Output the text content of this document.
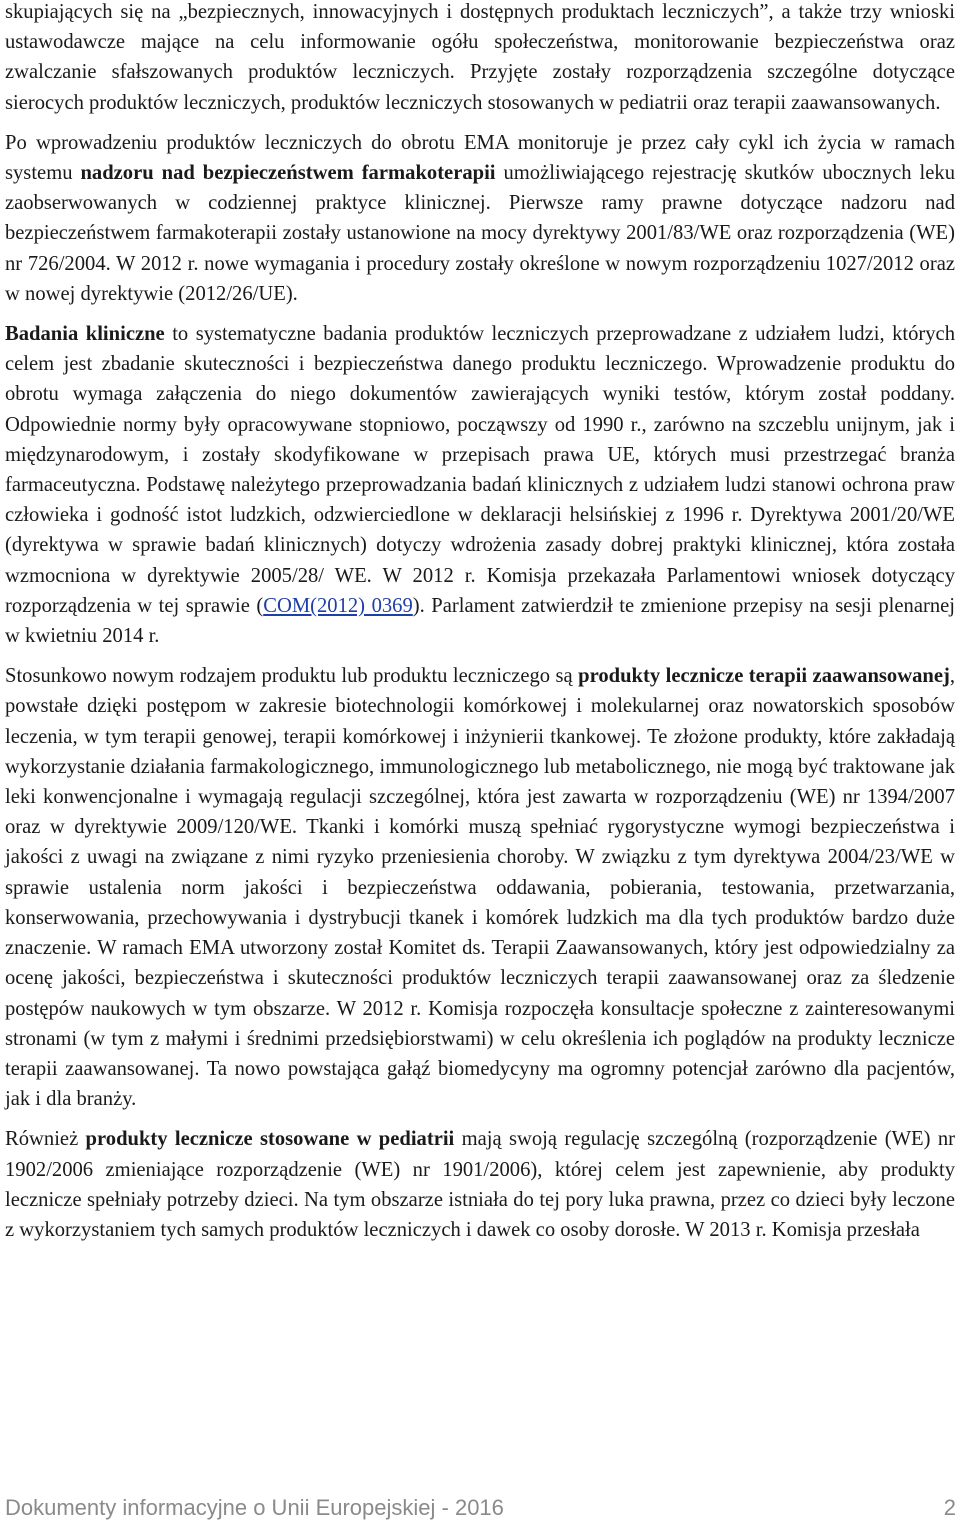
skupiających się na „bezpiecznych, innowacyjnych i dostępnych produktach leczniczych”, a także trzy wnioski ustawodawcze mające na celu informowanie ogółu społeczeństwa, monitorowanie bezpieczeństwa oraz zwalczanie sfałszowanych produktów leczniczych. Przyjęte zostały rozporządzenia szczególne dotyczące sierocych produktów leczniczych, produktów leczniczych stosowanych w pediatrii oraz terapii zaawansowanych.

Po wprowadzeniu produktów leczniczych do obrotu EMA monitoruje je przez cały cykl ich życia w ramach systemu nadzoru nad bezpieczeństwem farmakoterapii umożliwiającego rejestrację skutków ubocznych leku zaobserwowanych w codziennej praktyce klinicznej. Pierwsze ramy prawne dotyczące nadzoru nad bezpieczeństwem farmakoterapii zostały ustanowione na mocy dyrektywy 2001/83/WE oraz rozporządzenia (WE) nr 726/2004. W 2012 r. nowe wymagania i procedury zostały określone w nowym rozporządzeniu 1027/2012 oraz w nowej dyrektywie (2012/26/UE).

Badania kliniczne to systematyczne badania produktów leczniczych przeprowadzane z udziałem ludzi, których celem jest zbadanie skuteczności i bezpieczeństwa danego produktu leczniczego. Wprowadzenie produktu do obrotu wymaga załączenia do niego dokumentów zawierających wyniki testów, którym został poddany. Odpowiednie normy były opracowywane stopniowo, począwszy od 1990 r., zarówno na szczeblu unijnym, jak i międzynarodowym, i zostały skodyfikowane w przepisach prawa UE, których musi przestrzegać branża farmaceutyczna. Podstawę należytego przeprowadzania badań klinicznych z udziałem ludzi stanowi ochrona praw człowieka i godność istot ludzkich, odzwierciedlone w deklaracji helsińskiej z 1996 r. Dyrektywa 2001/20/WE (dyrektywa w sprawie badań klinicznych) dotyczy wdrożenia zasady dobrej praktyki klinicznej, która została wzmocniona w dyrektywie 2005/28/ WE. W 2012 r. Komisja przekazała Parlamentowi wniosek dotyczący rozporządzenia w tej sprawie (COM(2012) 0369). Parlament zatwierdził te zmienione przepisy na sesji plenarnej w kwietniu 2014 r.

Stosunkowo nowym rodzajem produktu lub produktu leczniczego są produkty lecznicze terapii zaawansowanej, powstałe dzięki postępom w zakresie biotechnologii komórkowej i molekularnej oraz nowatorskich sposobów leczenia, w tym terapii genowej, terapii komórkowej i inżynierii tkankowej. Te złożone produkty, które zakładają wykorzystanie działania farmakologicznego, immunologicznego lub metabolicznego, nie mogą być traktowane jak leki konwencjonalne i wymagają regulacji szczególnej, która jest zawarta w rozporządzeniu (WE) nr 1394/2007 oraz w dyrektywie 2009/120/WE. Tkanki i komórki muszą spełniać rygorystyczne wymogi bezpieczeństwa i jakości z uwagi na związane z nimi ryzyko przeniesienia choroby. W związku z tym dyrektywa 2004/23/WE w sprawie ustalenia norm jakości i bezpieczeństwa oddawania, pobierania, testowania, przetwarzania, konserwowania, przechowywania i dystrybucji tkanek i komórek ludzkich ma dla tych produktów bardzo duże znaczenie. W ramach EMA utworzony został Komitet ds. Terapii Zaawansowanych, który jest odpowiedzialny za ocenę jakości, bezpieczeństwa i skuteczności produktów leczniczych terapii zaawansowanej oraz za śledzenie postępów naukowych w tym obszarze. W 2012 r. Komisja rozpoczęła konsultacje społeczne z zainteresowanymi stronami (w tym z małymi i średnimi przedsiębiorstwami) w celu określenia ich poglądów na produkty lecznicze terapii zaawansowanej. Ta nowo powstająca gałąź biomedycyny ma ogromny potencjał zarówno dla pacjentów, jak i dla branży.

Również produkty lecznicze stosowane w pediatrii mają swoją regulację szczególną (rozporządzenie (WE) nr 1902/2006 zmieniające rozporządzenie (WE) nr 1901/2006), której celem jest zapewnienie, aby produkty lecznicze spełniały potrzeby dzieci. Na tym obszarze istniała do tej pory luka prawna, przez co dzieci były leczone z wykorzystaniem tych samych produktów leczniczych i dawek co osoby dorosłe. W 2013 r. Komisja przesłała

Dokumenty informacyjne o Unii Europejskiej - 2016	2
